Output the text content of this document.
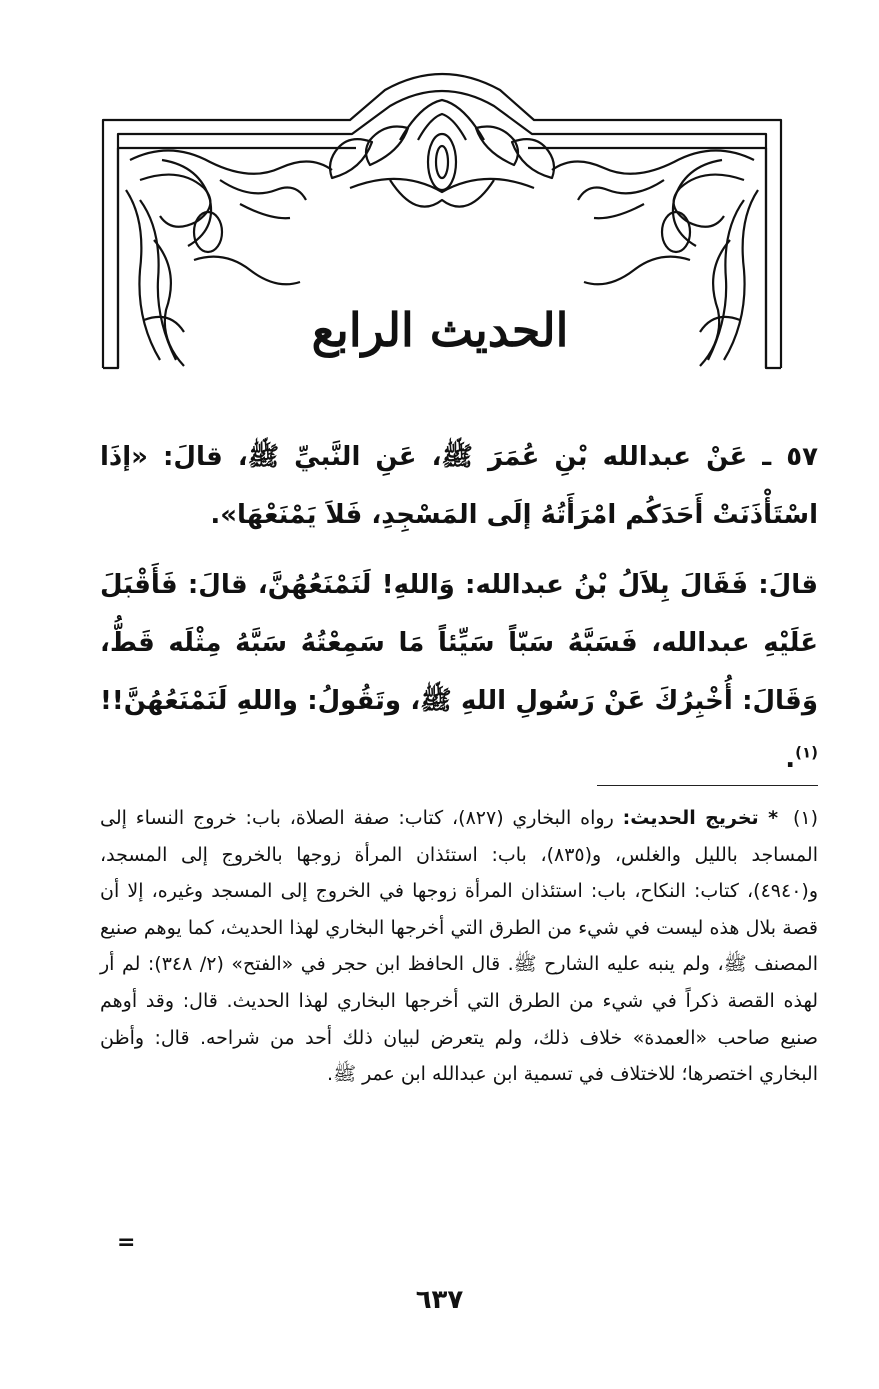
الحديث الرابع

٥٧ ـ عَنْ عبدالله بْنِ عُمَرَ ﷺ، عَنِ النَّبيِّ ﷺ، قالَ: «إذَا اسْتَأْذَنَتْ أَحَدَكُم امْرَأَتُهُ إلَى المَسْجِدِ، فَلاَ يَمْنَعْهَا».

قالَ: فَقَالَ بِلاَلُ بْنُ عبدالله: وَاللهِ! لَنَمْنَعُهُنَّ، قالَ: فَأَقْبَلَ عَلَيْهِ عبدالله، فَسَبَّهُ سَبّاً سَيِّئاً مَا سَمِعْتُهُ سَبَّهُ مِثْلَه قَطُّ، وَقَالَ: أُخْبِرُكَ عَنْ رَسُولِ اللهِ ﷺ، وتَقُولُ: واللهِ لَنَمْنَعُهُنَّ!!$^{(١)}$.

(١)* تخريج الحديث: رواه البخاري (٨٢٧)، كتاب: صفة الصلاة، باب: خروج النساء إلى المساجد بالليل والغلس، و(٨٣٥)، باب: استئذان المرأة زوجها بالخروج إلى المسجد، و(٤٩٤٠)، كتاب: النكاح، باب: استئذان المرأة زوجها في الخروج إلى المسجد وغيره، إلا أن قصة بلال هذه ليست في شيء من الطرق التي أخرجها البخاري لهذا الحديث، كما يوهم صنيع المصنف ﷺ، ولم ينبه عليه الشارح ﷺ. قال الحافظ ابن حجر في «الفتح» (٢/ ٣٤٨): لم أر لهذه القصة ذكراً في شيء من الطرق التي أخرجها البخاري لهذا الحديث. قال: وقد أوهم صنيع صاحب «العمدة» خلاف ذلك، ولم يتعرض لبيان ذلك أحد من شراحه. قال: وأظن البخاري اختصرها؛ للاختلاف في تسمية ابن عبدالله ابن عمر ﷺ.
=
٦٣٧
